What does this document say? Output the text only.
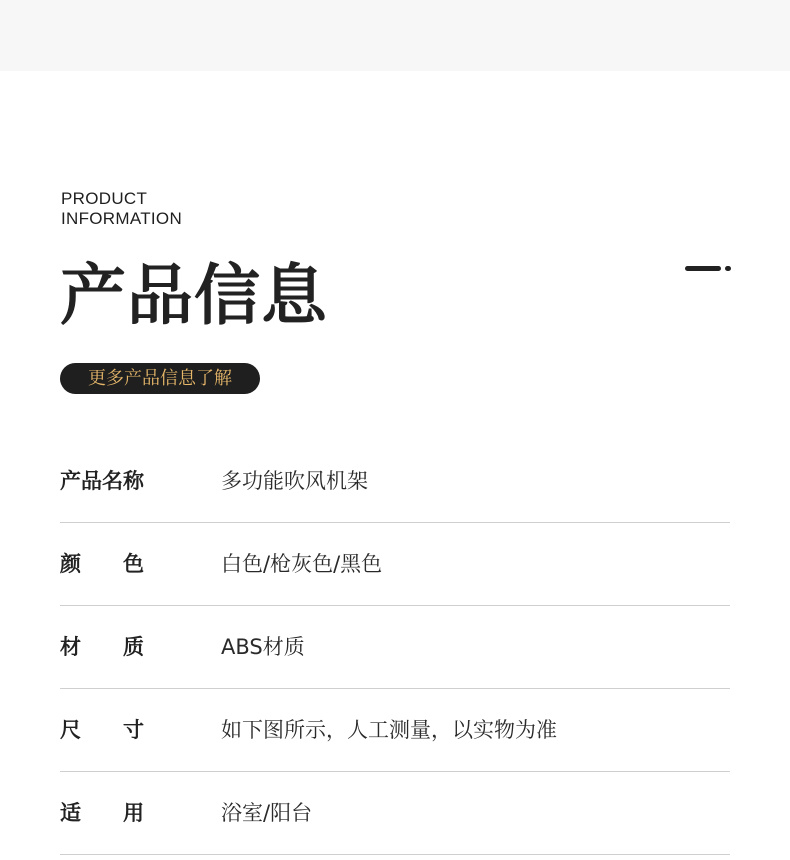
PRODUCT
INFORMATION
产品信息
更多产品信息了解
产品名称	多功能吹风机架
颜　　色	白色/枪灰色/黑色
材　　质	ABS材质
尺　　寸	如下图所示，人工测量，以实物为准
适　　用	浴室/阳台
